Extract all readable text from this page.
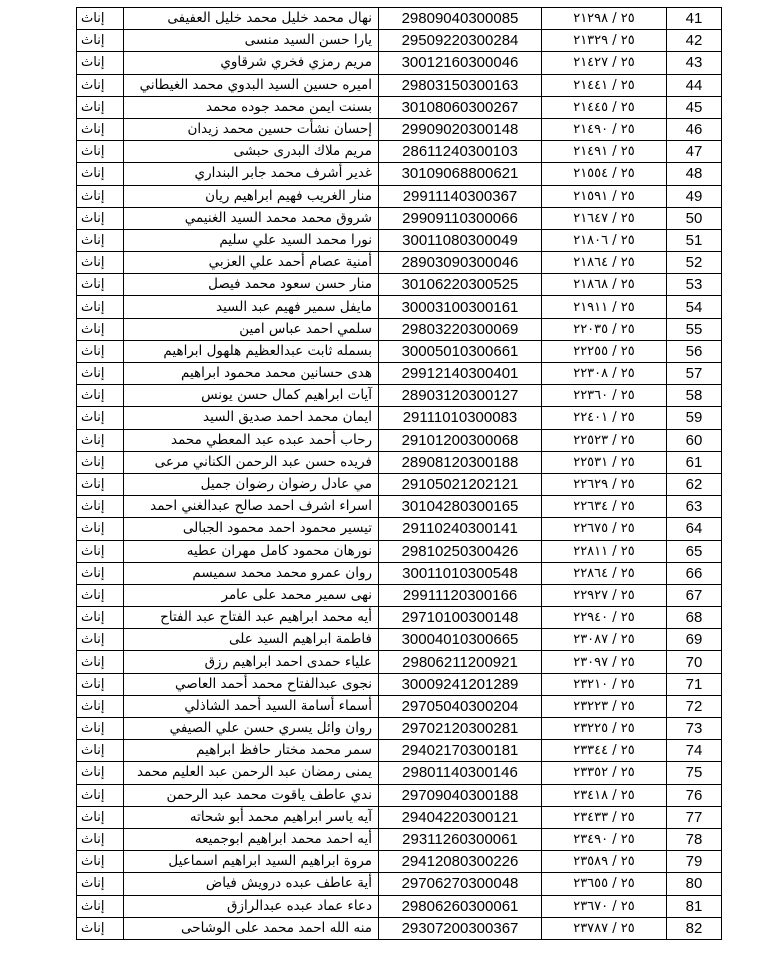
إناث	نهال محمد خليل محمد خليل العفيفى	29809040300085	٢٥ / ٢١٢٩٨	41
إناث	يارا حسن السيد منسى	29509220300284	٢٥ / ٢١٣٢٩	42
إناث	مريم رمزي فخري شرقاوي	30012160300046	٢٥ / ٢١٤٢٧	43
إناث	اميره حسين السيد البدوي محمد الغيطاني	29803150300163	٢٥ / ٢١٤٤١	44
إناث	بسنت ايمن محمد جوده محمد	30108060300267	٢٥ / ٢١٤٤٥	45
إناث	إحسان نشأت حسين محمد زيدان	29909020300148	٢٥ / ٢١٤٩٠	46
إناث	مريم ملاك البدرى حبشى	28611240300103	٢٥ / ٢١٤٩١	47
إناث	غدير أشرف محمد جابر البنداري	30109068800621	٢٥ / ٢١٥٥٤	48
إناث	منار الغريب فهيم ابراهيم ريان	29911140300367	٢٥ / ٢١٥٩١	49
إناث	شروق محمد محمد السيد الغنيمي	29909110300066	٢٥ / ٢١٦٤٧	50
إناث	نورا محمد السيد علي سليم	30011080300049	٢٥ / ٢١٨٠٦	51
إناث	أمنية عصام أحمد علي العزبي	28903090300046	٢٥ / ٢١٨٦٤	52
إناث	منار حسن سعود محمد فيصل	30106220300525	٢٥ / ٢١٨٦٨	53
إناث	مايفل سمير فهيم عبد السيد	30003100300161	٢٥ / ٢١٩١١	54
إناث	سلمي احمد عباس امين	29803220300069	٢٥ / ٢٢٠٣٥	55
إناث	بسمله ثابت عبدالعظيم هلهول ابراهيم	30005010300661	٢٥ / ٢٢٢٥٥	56
إناث	هدى حسانين محمد محمود ابراهيم	29912140300401	٢٥ / ٢٢٣٠٨	57
إناث	آيات ابراهيم كمال حسن يونس	28903120300127	٢٥ / ٢٢٣٦٠	58
إناث	ايمان محمد احمد صديق السيد	29111010300083	٢٥ / ٢٢٤٠١	59
إناث	رحاب أحمد عبده عبد المعطي محمد	29101200300068	٢٥ / ٢٢٥٢٣	60
إناث	فريده حسن عبد الرحمن الكناني مرعى	28908120300188	٢٥ / ٢٢٥٣١	61
إناث	مي عادل رضوان رضوان جميل	29105021202121	٢٥ / ٢٢٦٢٩	62
إناث	اسراء اشرف احمد صالح عبدالغني احمد	30104280300165	٢٥ / ٢٢٦٣٤	63
إناث	تيسير محمود احمد محمود الجبالى	29110240300141	٢٥ / ٢٢٦٧٥	64
إناث	نورهان محمود كامل مهران عطيه	29810250300426	٢٥ / ٢٢٨١١	65
إناث	روان عمرو محمد محمد سميسم	30011010300548	٢٥ / ٢٢٨٦٤	66
إناث	نهى سمير محمد على عامر	29911120300166	٢٥ / ٢٢٩٢٧	67
إناث	أيه محمد ابراهيم عبد الفتاح عبد الفتاح	29710100300148	٢٥ / ٢٢٩٤٠	68
إناث	فاطمة ابراهيم السيد على	30004010300665	٢٥ / ٢٣٠٨٧	69
إناث	علياء حمدى احمد ابراهيم رزق	29806211200921	٢٥ / ٢٣٠٩٧	70
إناث	نجوى عبدالفتاح محمد أحمد العاصي	30009241201289	٢٥ / ٢٣٢١٠	71
إناث	أسماء أسامة السيد أحمد الشاذلي	29705040300204	٢٥ / ٢٣٢٢٣	72
إناث	روان وائل يسري حسن علي الصيفي	29702120300281	٢٥ / ٢٣٢٢٥	73
إناث	سمر محمد مختار حافظ ابراهيم	29402170300181	٢٥ / ٢٣٣٤٤	74
إناث	يمنى رمضان عبد الرحمن عبد العليم محمد	29801140300146	٢٥ / ٢٣٣٥٢	75
إناث	ندي عاطف ياقوت محمد عبد الرحمن	29709040300188	٢٥ / ٢٣٤١٨	76
إناث	آيه ياسر ابراهيم محمد أبو شحاته	29404220300121	٢٥ / ٢٣٤٣٣	77
إناث	أيه احمد محمد ابراهيم ابوجميعه	29311260300061	٢٥ / ٢٣٤٩٠	78
إناث	مروة ابراهيم السيد ابراهيم اسماعيل	29412080300226	٢٥ / ٢٣٥٨٩	79
إناث	أية عاطف عبده درويش فياض	29706270300048	٢٥ / ٢٣٦٥٥	80
إناث	دعاء عماد عبده عبدالرازق	29806260300061	٢٥ / ٢٣٦٧٠	81
إناث	منه الله احمد محمد على الوشاحى	29307200300367	٢٥ / ٢٣٧٨٧	82
